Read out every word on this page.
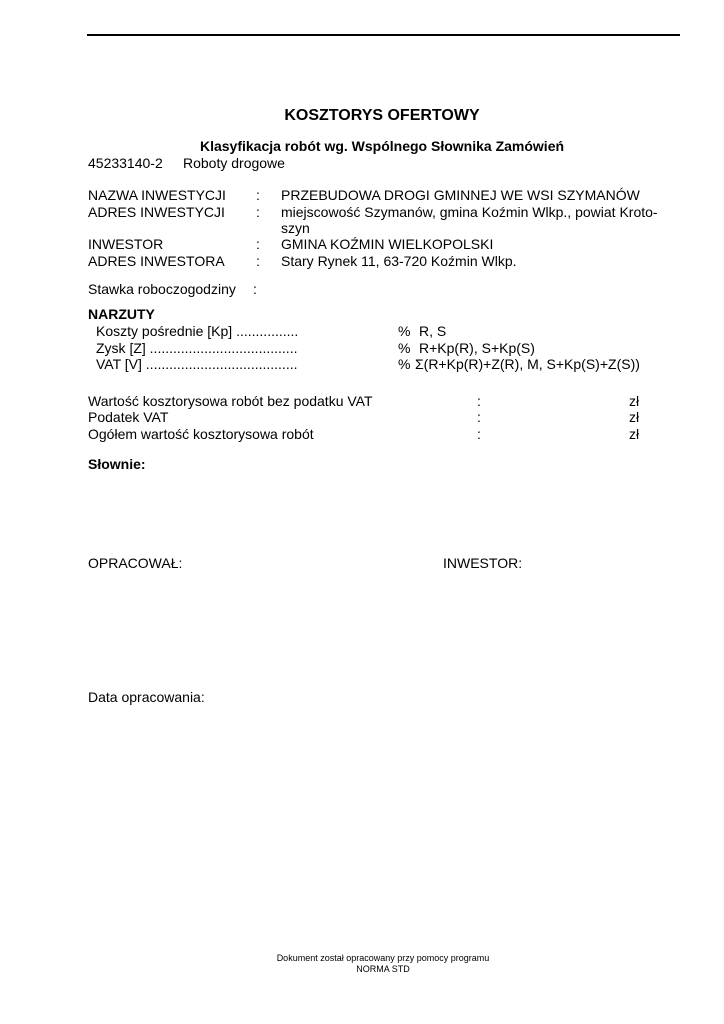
KOSZTORYS OFERTOWY
Klasyfikacja robót wg. Wspólnego Słownika Zamówień
45233140-2 Roboty drogowe
NAZWA INWESTYCJI : PRZEBUDOWA DROGI GMINNEJ WE WSI SZYMANÓW
ADRES INWESTYCJI : miejscowość Szymanów, gmina Koźmin Wlkp., powiat Kroto-
szyn
INWESTOR	: GMINA KOŹMIN WIELKOPOLSKI
ADRES INWESTORA : Stary Rynek 11, 63-720 Koźmin Wlkp.
Stawka roboczogodziny :
NARZUTY
Koszty pośrednie [Kp] ................	% R, S
Zysk [Z] ......................................	% R+Kp(R), S+Kp(S)
VAT [V] .......................................	% Σ(R+Kp(R)+Z(R), M, S+Kp(S)+Z(S))
Wartość kosztorysowa robót bez podatku VAT	:	zł
Podatek VAT	:	zł
Ogółem wartość kosztorysowa robót	:	zł
Słownie:
OPRACOWAŁ:	INWESTOR:
Data opracowania:
Dokument został opracowany przy pomocy programu
NORMA STD
